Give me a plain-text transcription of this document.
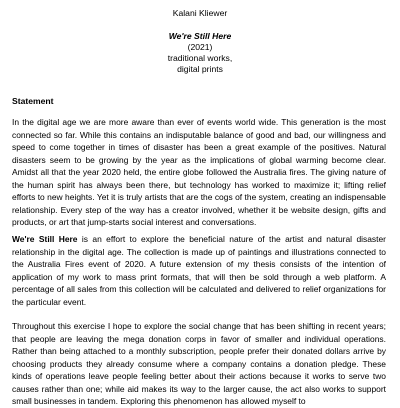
Kalani Kliewer
We're Still Here
(2021)
traditional works,
digital prints
Statement

In the digital age we are more aware than ever of events world wide. This generation is the most connected so far. While this contains an indisputable balance of good and bad, our willingness and speed to come together in times of disaster has been a great example of the positives. Natural disasters seem to be growing by the year as the implications of global warming become clear. Amidst all that the year 2020 held, the entire globe followed the Australia fires. The giving nature of the human spirit has always been there, but technology has worked to maximize it; lifting relief efforts to new heights. Yet it is truly artists that are the cogs of the system, creating an indispensable relationship. Every step of the way has a creator involved, whether it be website design, gifts and products, or art that jump-starts social interest and conversations.

We're Still Here is an effort to explore the beneficial nature of the artist and natural disaster relationship in the digital age. The collection is made up of paintings and illustrations connected to the Australia Fires event of 2020. A future extension of my thesis consists of the intention of application of my work to mass print formats, that will then be sold through a web platform. A percentage of all sales from this collection will be calculated and delivered to relief organizations for the particular event.

Throughout this exercise I hope to explore the social change that has been shifting in recent years; that people are leaving the mega donation corps in favor of smaller and individual operations. Rather than being attached to a monthly subscription, people prefer their donated dollars arrive by choosing products they already consume where a company contains a donation pledge. These kinds of operations leave people feeling better about their actions because it works to serve two causes rather than one; while aid makes its way to the larger cause, the act also works to support small businesses in tandem. Exploring this phenomenon has allowed myself to
